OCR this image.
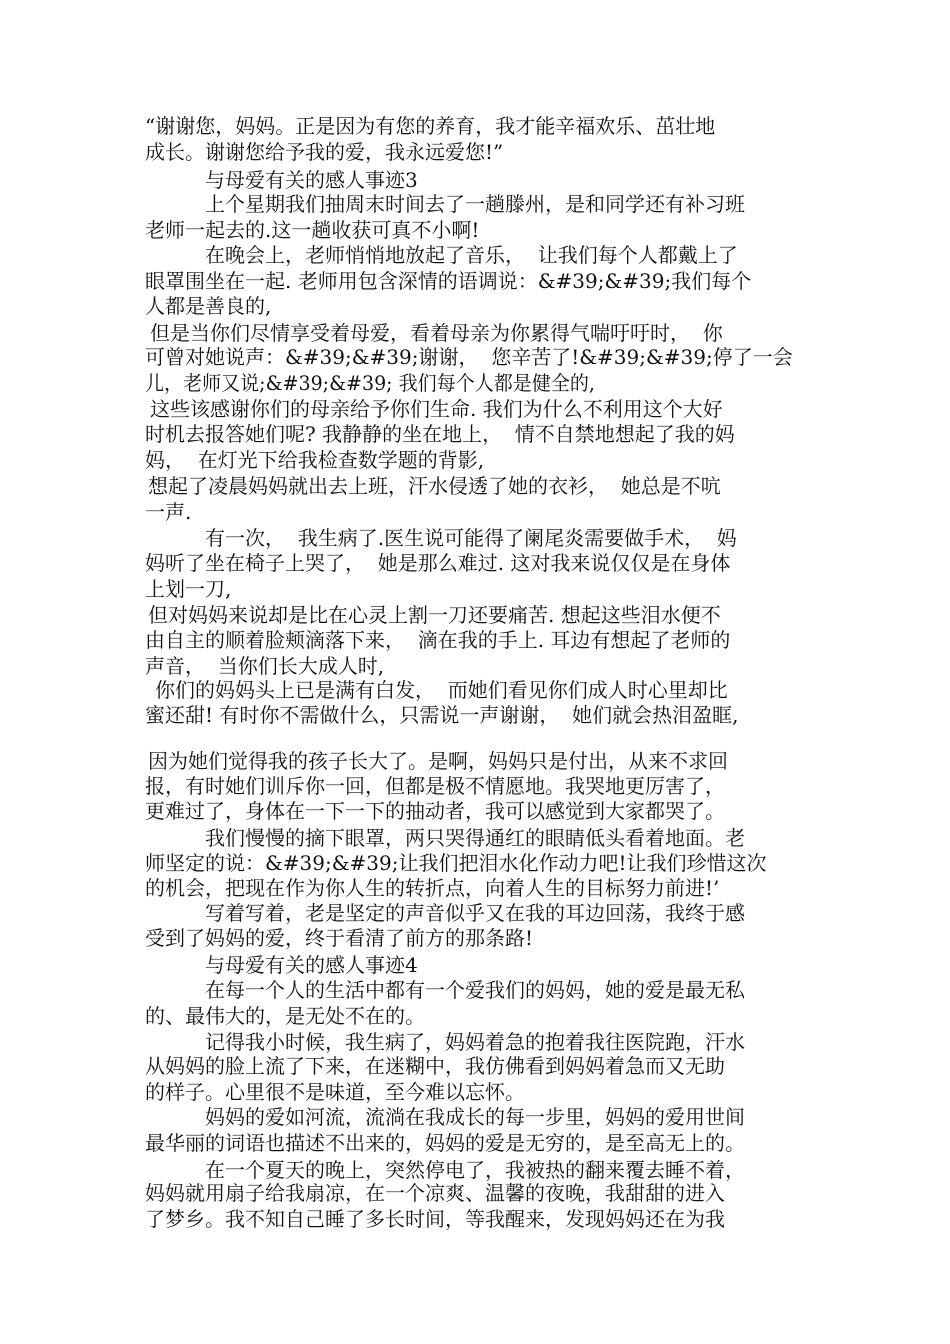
“谢谢您，妈妈。正是因为有您的养育，我才能辛福欢乐、茁壮地
成长。谢谢您给予我的爱，我永远爱您!”
与母爱有关的感人事迹3
上个星期我们抽周末时间去了一趟滕州，是和同学还有补习班
老师一起去的.这一趟收获可真不小啊!
在晚会上，老师悄悄地放起了音乐，  让我们每个人都戴上了
眼罩围坐在一起. 老师用包含深情的语调说：&#39;&#39;我们每个
人都是善良的,
但是当你们尽情享受着母爱，看着母亲为你累得气喘吁吁时，  你
可曾对她说声：&#39;&#39;谢谢，  您辛苦了!&#39;&#39;停了一会
儿，老师又说;&#39;&#39; 我们每个人都是健全的,
这些该感谢你们的母亲给予你们生命. 我们为什么不利用这个大好
时机去报答她们呢? 我静静的坐在地上，  情不自禁地想起了我的妈
妈，  在灯光下给我检查数学题的背影,
想起了凌晨妈妈就出去上班，汗水侵透了她的衣衫，  她总是不吭
一声.
有一次，  我生病了.医生说可能得了阑尾炎需要做手术，  妈
妈听了坐在椅子上哭了，  她是那么难过. 这对我来说仅仅是在身体
上划一刀,
但对妈妈来说却是比在心灵上割一刀还要痛苦. 想起这些泪水便不
由自主的顺着脸颊滴落下来，  滴在我的手上. 耳边有想起了老师的
声音，  当你们长大成人时,
你们的妈妈头上已是满有白发，  而她们看见你们成人时心里却比
蜜还甜! 有时你不需做什么，只需说一声谢谢，  她们就会热泪盈眶,
因为她们觉得我的孩子长大了。是啊，妈妈只是付出，从来不求回
报，有时她们训斥你一回，但都是极不情愿地。我哭地更厉害了，
更难过了，身体在一下一下的抽动者，我可以感觉到大家都哭了。
我们慢慢的摘下眼罩，两只哭得通红的眼睛低头看着地面。老
师坚定的说：&#39;&#39;让我们把泪水化作动力吧!让我们珍惜这次
的机会，把现在作为你人生的转折点，向着人生的目标努力前进!’
写着写着，老是坚定的声音似乎又在我的耳边回荡，我终于感
受到了妈妈的爱，终于看清了前方的那条路!
与母爱有关的感人事迹4
在每一个人的生活中都有一个爱我们的妈妈，她的爱是最无私
的、最伟大的，是无处不在的。
记得我小时候，我生病了，妈妈着急的抱着我往医院跑，汗水
从妈妈的脸上流了下来，在迷糊中，我仿佛看到妈妈着急而又无助
的样子。心里很不是味道，至今难以忘怀。
妈妈的爱如河流，流淌在我成长的每一步里，妈妈的爱用世间
最华丽的词语也描述不出来的，妈妈的爱是无穷的，是至高无上的。
在一个夏天的晚上，突然停电了，我被热的翻来覆去睡不着，
妈妈就用扇子给我扇凉，在一个凉爽、温馨的夜晚，我甜甜的进入
了梦乡。我不知自己睡了多长时间，等我醒来，发现妈妈还在为我
